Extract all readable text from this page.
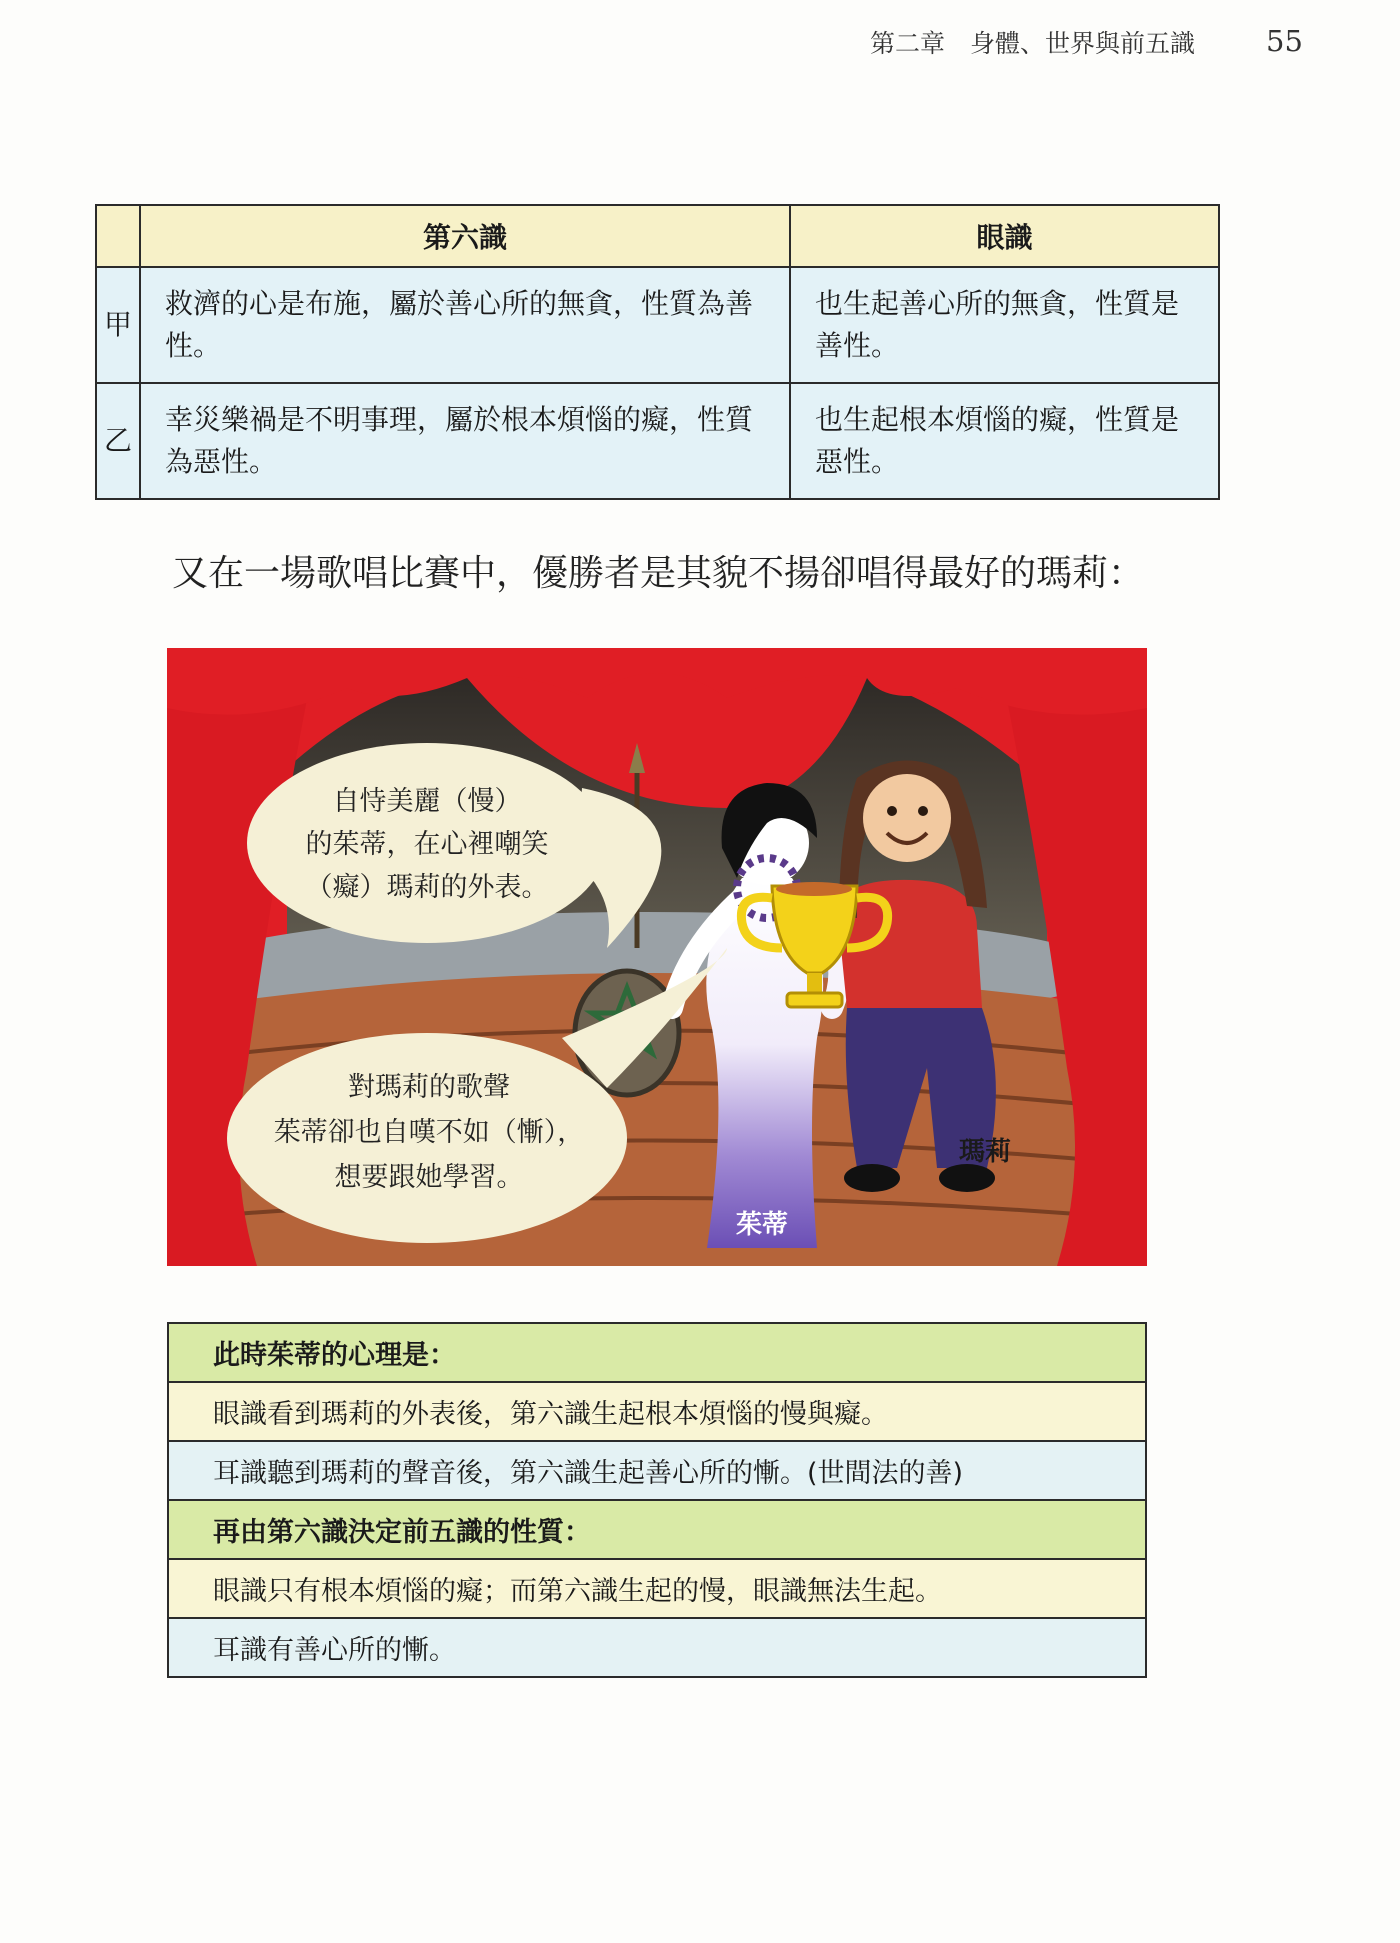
第二章　身體、世界與前五識 55
	第六識	眼識
甲	救濟的心是布施，屬於善心所的無貪，性質為善性。	也生起善心所的無貪，性質是善性。
乙	幸災樂禍是不明事理，屬於根本煩惱的癡，性質為惡性。	也生起根本煩惱的癡，性質是惡性。
又在一場歌唱比賽中，優勝者是其貌不揚卻唱得最好的瑪莉：
自恃美麗（慢）
的茱蒂，在心裡嘲笑
（癡）瑪莉的外表。
對瑪莉的歌聲
茱蒂卻也自嘆不如（慚），
想要跟她學習。
茱蒂
瑪莉
此時茱蒂的心理是：
眼識看到瑪莉的外表後，第六識生起根本煩惱的慢與癡。
耳識聽到瑪莉的聲音後，第六識生起善心所的慚。(世間法的善)
再由第六識決定前五識的性質：
眼識只有根本煩惱的癡；而第六識生起的慢，眼識無法生起。
耳識有善心所的慚。
